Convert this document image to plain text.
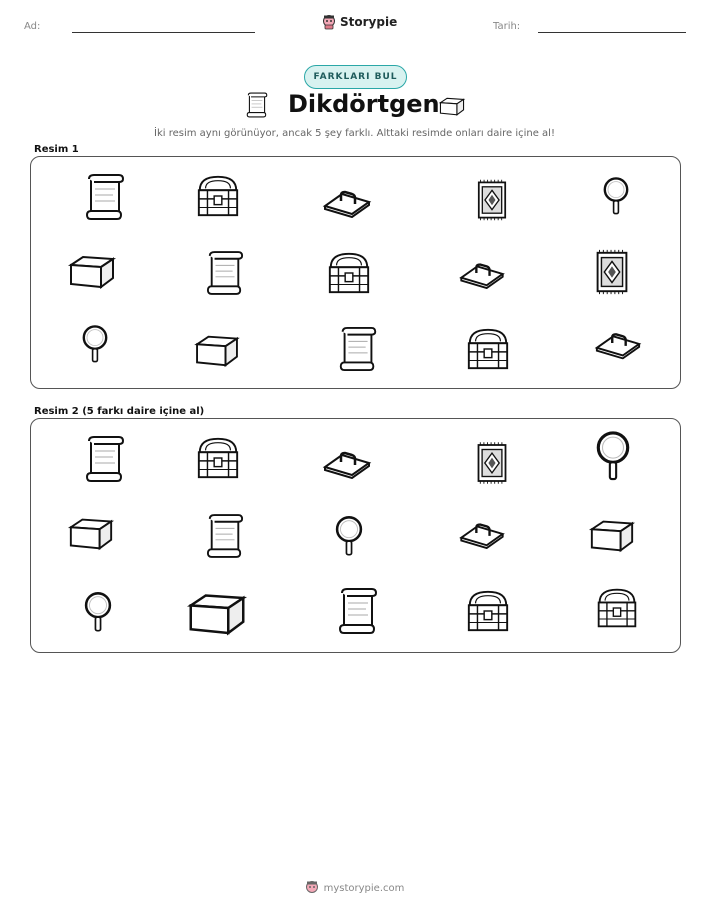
Ad:	Storypie	Tarih:
FARKLARI BUL
Dikdörtgen
İki resim aynı görünüyor, ancak 5 şey farklı. Alttaki resimde onları daire içine al!
Resim 1
Resim 2 (5 farkı daire içine al)
mystorypie.com
